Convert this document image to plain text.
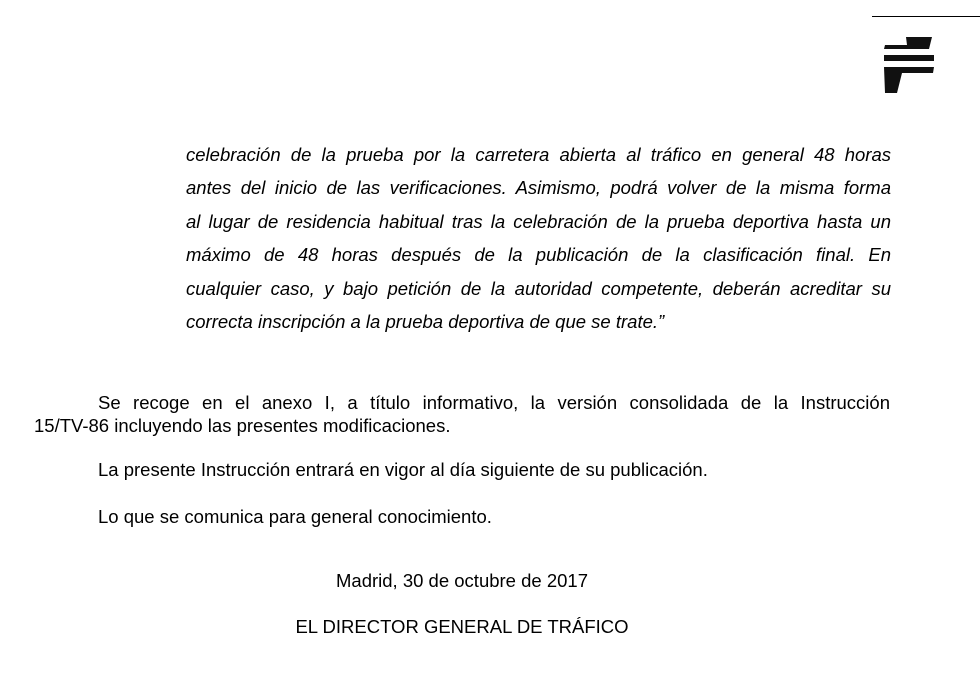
celebración de la prueba por la carretera abierta al tráfico en general 48 horas
antes del inicio de las verificaciones. Asimismo, podrá volver de la misma forma
al lugar de residencia habitual tras la celebración de la prueba deportiva hasta un
máximo de 48 horas después de la publicación de la clasificación final. En
cualquier caso, y bajo petición de la autoridad competente, deberán acreditar su
correcta inscripción a la prueba deportiva de que se trate.”
Se recoge en el anexo I, a título informativo, la versión consolidada de la Instrucción
15/TV-86 incluyendo las presentes modificaciones.
La presente Instrucción entrará en vigor al día siguiente de su publicación.
Lo que se comunica para general conocimiento.
Madrid, 30 de octubre de 2017
EL DIRECTOR GENERAL DE TRÁFICO
